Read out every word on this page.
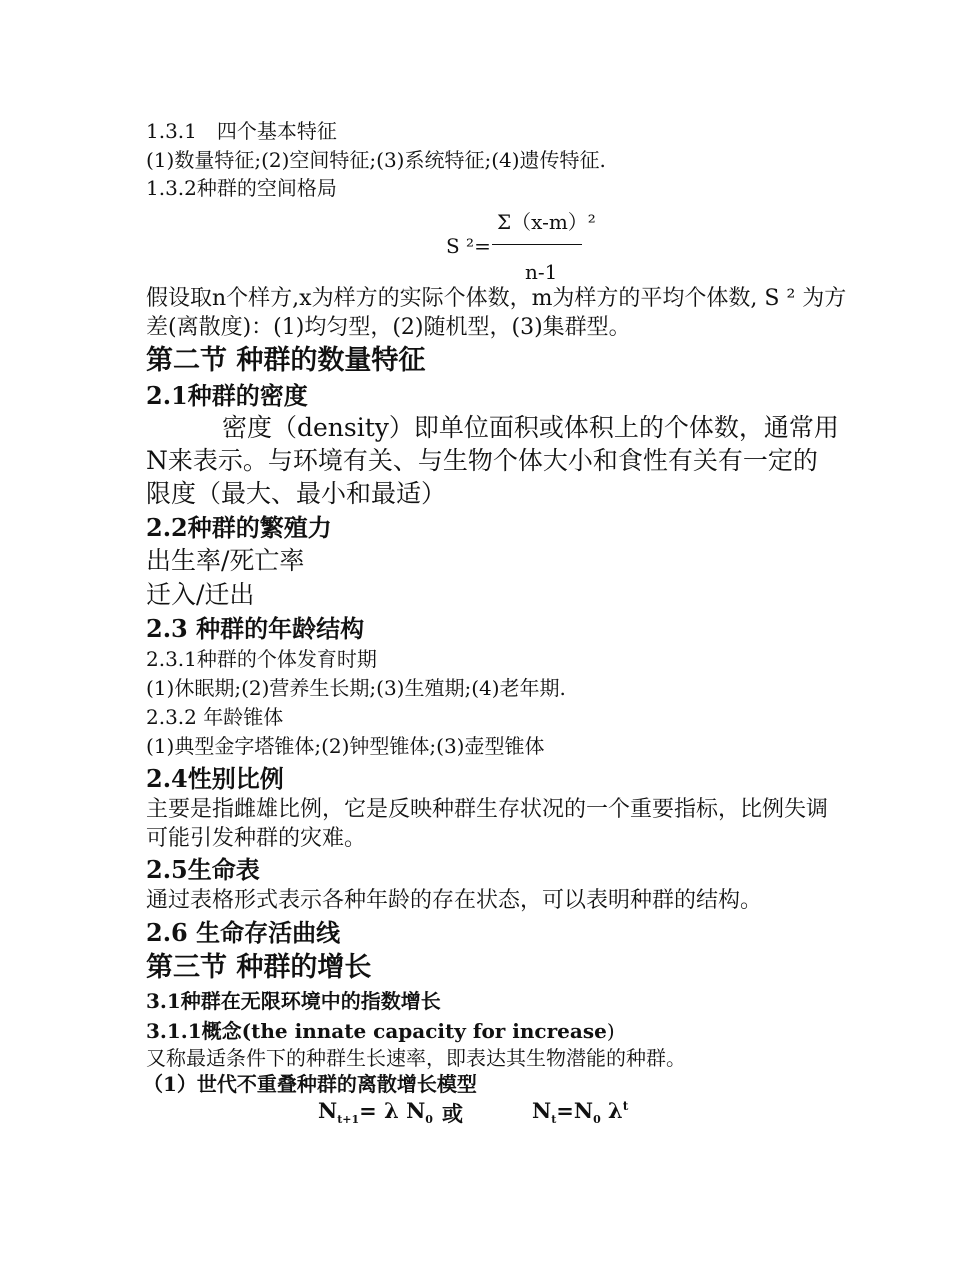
1.3.1　四个基本特征
(1)数量特征;(2)空间特征;(3)系统特征;(4)遗传特征.
1.3.2种群的空间格局
Σ（x-m）²
S ²=
n-1
假设取n个样方,x为样方的实际个体数，m为样方的平均个体数, S ² 为方
差(离散度)：(1)均匀型，(2)随机型，(3)集群型。
第二节 种群的数量特征
2.1种群的密度
密度（density）即单位面积或体积上的个体数，通常用
N来表示。与环境有关、与生物个体大小和食性有关有一定的
限度（最大、最小和最适）
2.2种群的繁殖力
出生率/死亡率
迁入/迁出
2.3 种群的年龄结构
2.3.1种群的个体发育时期
(1)休眠期;(2)营养生长期;(3)生殖期;(4)老年期.
2.3.2 年龄锥体
(1)典型金字塔锥体;(2)钟型锥体;(3)壶型锥体
2.4性别比例
主要是指雌雄比例，它是反映种群生存状况的一个重要指标，比例失调
可能引发种群的灾难。
2.5生命表
通过表格形式表示各种年龄的存在状态，可以表明种群的结构。
2.6 生命存活曲线
第三节 种群的增长
3.1种群在无限环境中的指数增长
3.1.1概念(the innate capacity for increase)
又称最适条件下的种群生长速率，即表达其生物潜能的种群。
（1）世代不重叠种群的离散增长模型
$N_{t+1}= \lambda$ $N_0$ 或	$N_t=N_0$ $\lambda^t$
